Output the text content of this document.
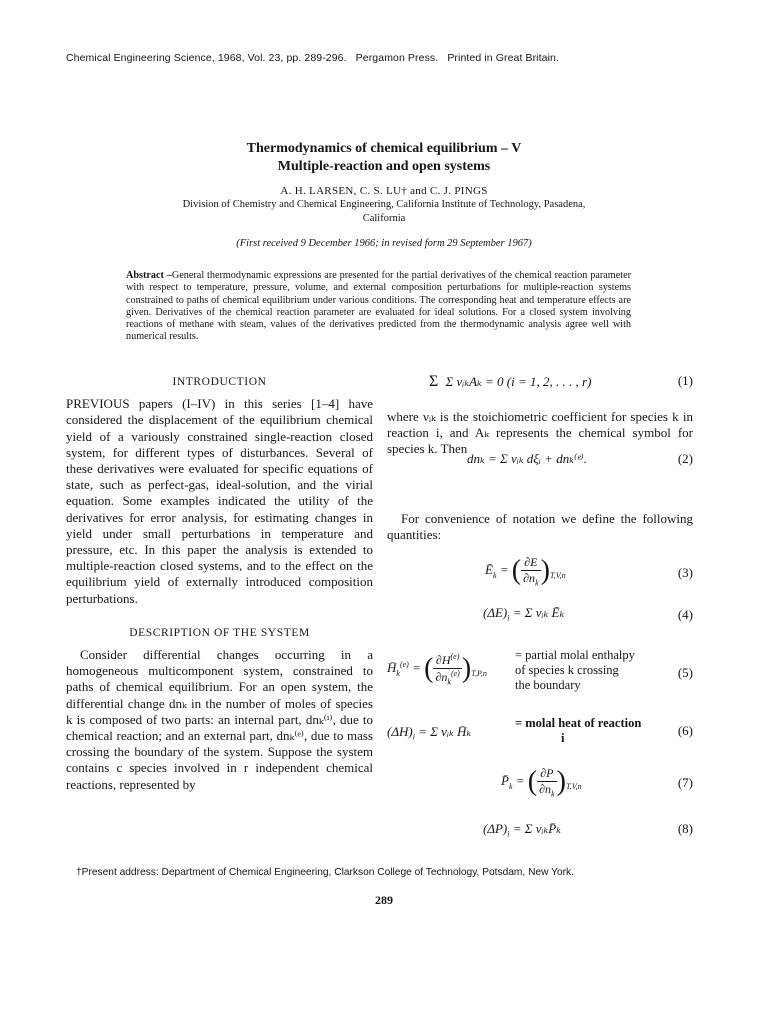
Chemical Engineering Science, 1968, Vol. 23, pp. 289-296. Pergamon Press. Printed in Great Britain.
Thermodynamics of chemical equilibrium – V
Multiple-reaction and open systems
A. H. LARSEN, C. S. LU† and C. J. PINGS
Division of Chemistry and Chemical Engineering, California Institute of Technology, Pasadena,
California
(First received 9 December 1966; in revised form 29 September 1967)
Abstract –General thermodynamic expressions are presented for the partial derivatives of the chemical reaction parameter with respect to temperature, pressure, volume, and external composition perturbations for multiple-reaction systems constrained to paths of chemical equilibrium under various conditions. The corresponding heat and temperature effects are given. Derivatives of the chemical reaction parameter are evaluated for ideal solutions. For a closed system involving reactions of methane with steam, values of the derivatives predicted from the thermodynamic analysis agree well with numerical results.
INTRODUCTION

PREVIOUS papers (I–IV) in this series [1–4] have considered the displacement of the equilibrium chemical yield of a variously constrained single-reaction closed system, for different types of disturbances. Several of these derivatives were evaluated for specific equations of state, such as perfect-gas, ideal-solution, and the virial equation. Some examples indicated the utility of the derivatives for error analysis, for estimating changes in yield under small perturbations in temperature and pressure, etc. In this paper the analysis is extended to multiple-reaction closed systems, and to the effect on the equilibrium yield of externally introduced composition perturbations.

DESCRIPTION OF THE SYSTEM

Consider differential changes occurring in a homogeneous multicomponent system, constrained to paths of chemical equilibrium. For an open system, the differential change dnₖ in the number of moles of species k is composed of two parts: an internal part, dnₖ⁽ⁱ⁾, due to chemical reaction; and an external part, dnₖ⁽ᵉ⁾, due to mass crossing the boundary of the system. Suppose the system contains c species involved in r independent chemical reactions, represented by

Σ Σ νᵢₖAₖ = 0 (i = 1, 2, . . . , r)	(1)

where νᵢₖ is the stoichiometric coefficient for species k in reaction i, and Aₖ represents the chemical symbol for species k. Then

dnₖ = Σ νᵢₖ dξᵢ + dnₖ⁽ᵉ⁾.	(2)

For convenience of notation we define the following quantities:

$Ē_k$ = ( $\frac{\partial E}{\partial n_k} )_{T,V,n}$	(3)
$(\Delta E)_i = \Sigma$ νᵢₖ Ēₖ	(4)
$H̄_k^{(e)}$ = ( $\frac{\partial H^{(e)}}{\partial n_k^{(e)}} )_{T,P,n}$
= partial molal enthalpy
of species k crossing
the boundary
(5)
$(\Delta H)_i = \Sigma$ νᵢₖ H̄ₖ
= molal heat of reaction
i	(6)
$P̄_k$ = ( $\frac{\partial P}{\partial n_k} )_{T,V,n}$	(7)
$(\Delta P)_i = \Sigma$ νᵢₖP̄ₖ	(8)
†Present address: Department of Chemical Engineering, Clarkson College of Technology, Potsdam, New York.
289
